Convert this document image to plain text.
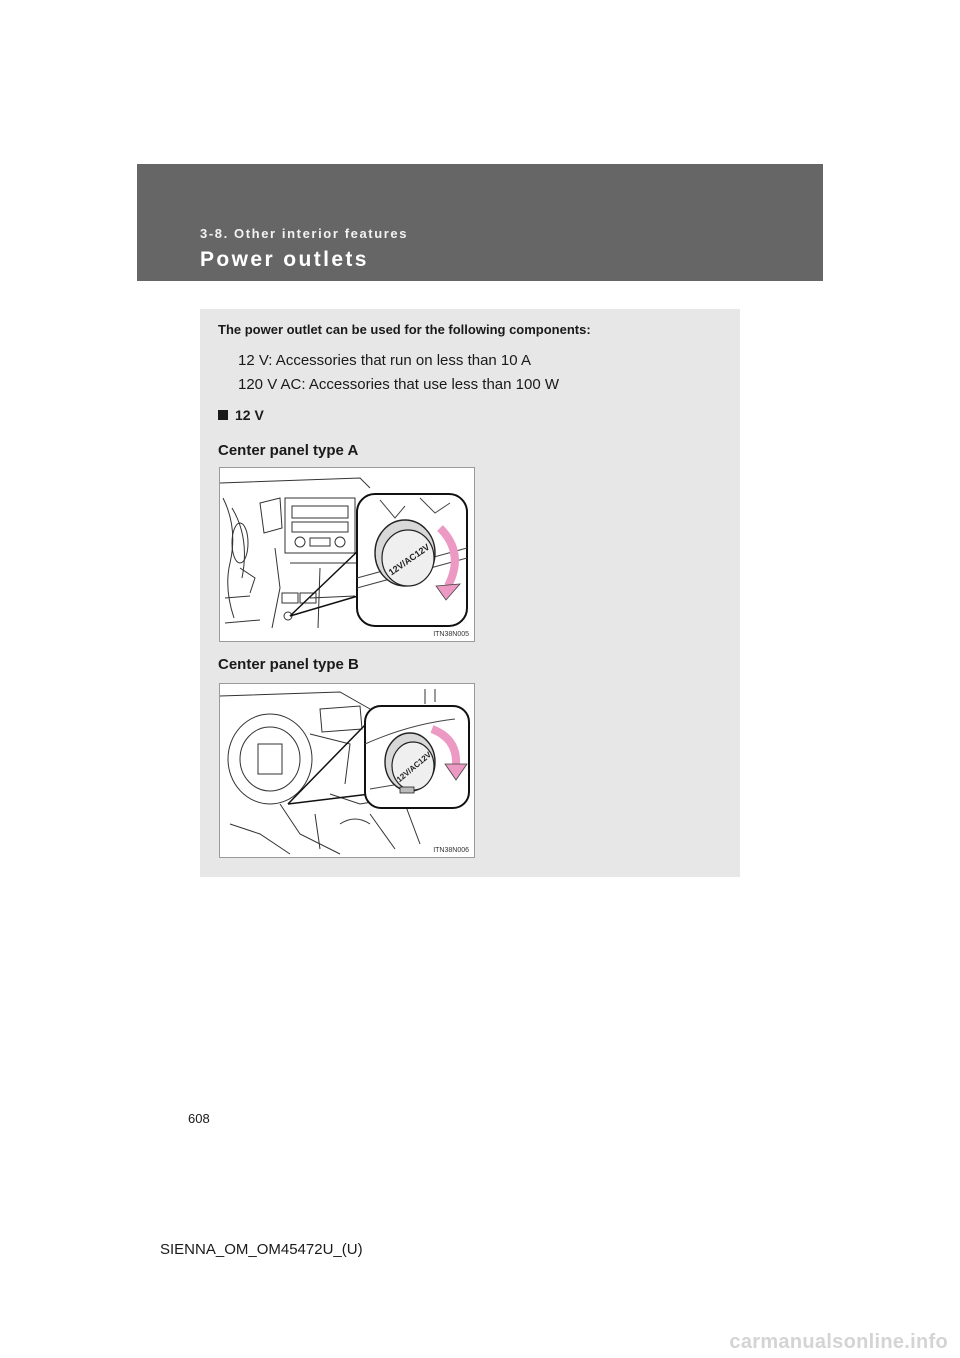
3-8. Other interior features
Power outlets
The power outlet can be used for the following components:
12 V: Accessories that run on less than 10 A
120 V AC: Accessories that use less than 100 W
12 V
Center panel type A
12V/AC12V
ITN38N005
Center panel type B
12V/AC12V
ITN38N006
608
SIENNA_OM_OM45472U_(U)
carmanualsonline.info
